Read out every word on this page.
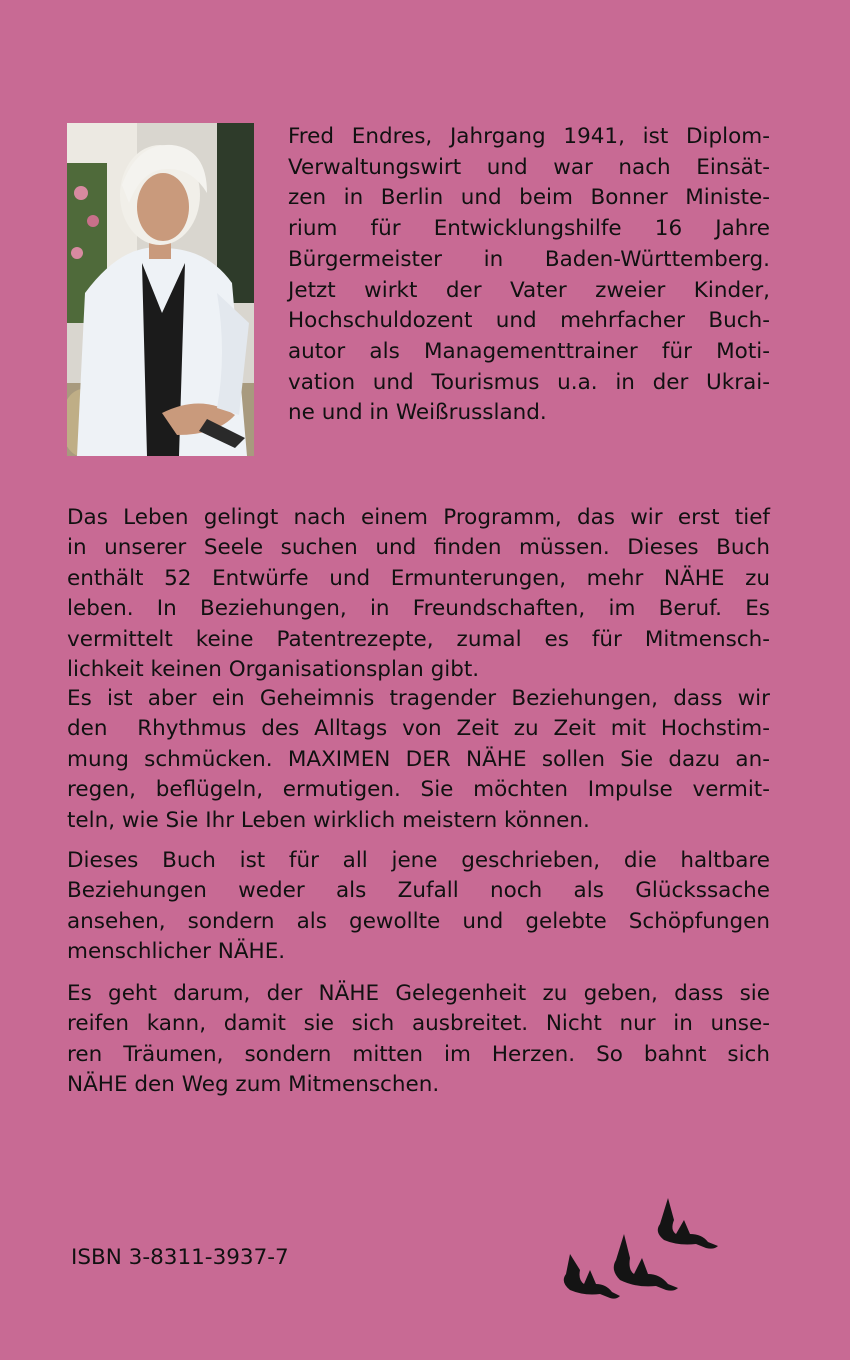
Fred Endres, Jahrgang 1941, ist Diplom-
Verwaltungswirt und war nach Einsät-
zen in Berlin und beim Bonner Ministe-
rium für Entwicklungshilfe 16 Jahre
Bürgermeister in Baden-Württemberg.
Jetzt wirkt der Vater zweier Kinder,
Hochschuldozent und mehrfacher Buch-
autor als Managementtrainer für Moti-
vation und Tourismus u.a. in der Ukrai-
ne und in Weißrussland.

Das Leben gelingt nach einem Programm, das wir erst tief
in unserer Seele suchen und finden müssen. Dieses Buch
enthält 52 Entwürfe und Ermunterungen, mehr NÄHE zu
leben. In Beziehungen, in Freundschaften, im Beruf. Es
vermittelt keine Patentrezepte, zumal es für Mitmensch-
lichkeit keinen Organisationsplan gibt.

Es ist aber ein Geheimnis tragender Beziehungen, dass wir
den  Rhythmus des Alltags von Zeit zu Zeit mit Hochstim-
mung schmücken. MAXIMEN DER NÄHE sollen Sie dazu an-
regen, beflügeln, ermutigen. Sie möchten Impulse vermit-
teln, wie Sie Ihr Leben wirklich meistern können.

Dieses Buch ist für all jene geschrieben, die haltbare
Beziehungen weder als Zufall noch als Glückssache
ansehen, sondern als gewollte und gelebte Schöpfungen
menschlicher NÄHE.

Es geht darum, der NÄHE Gelegenheit zu geben, dass sie
reifen kann, damit sie sich ausbreitet. Nicht nur in unse-
ren Träumen, sondern mitten im Herzen. So bahnt sich
NÄHE den Weg zum Mitmenschen.

ISBN 3-8311-3937-7
